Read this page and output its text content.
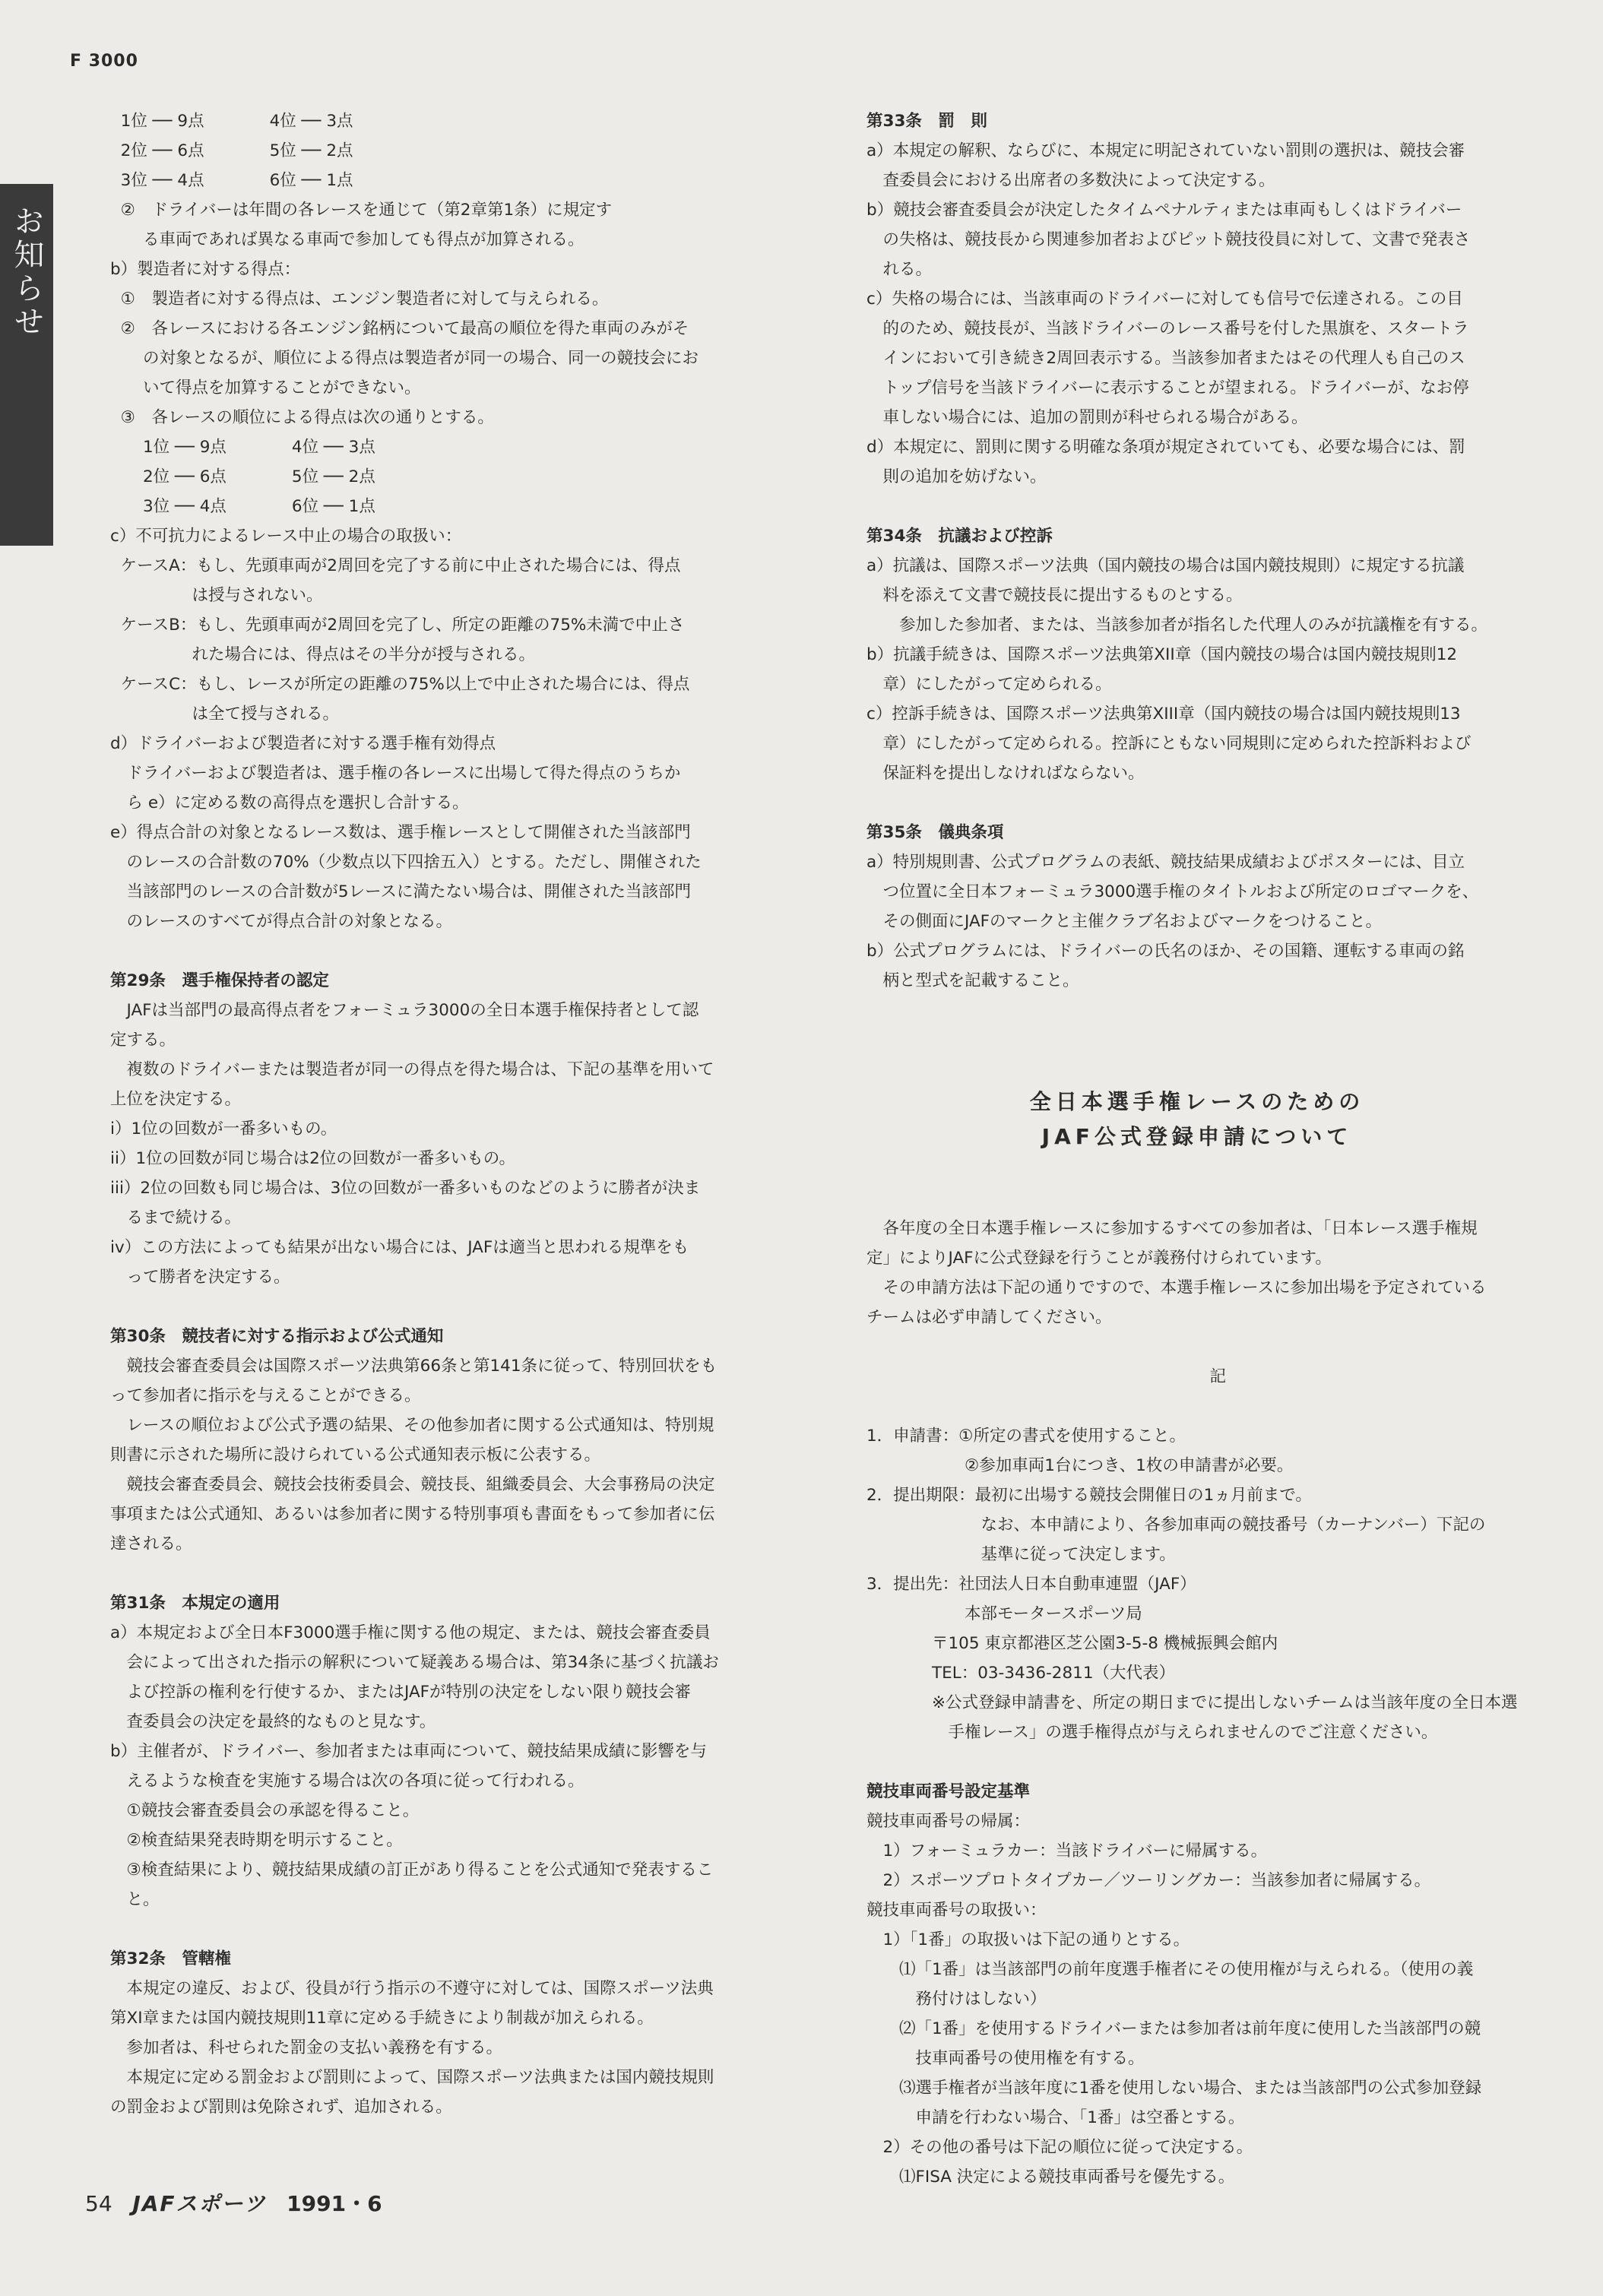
F 3000
お知らせ

1位 ── 9点　　　　4位 ── 3点

2位 ── 6点　　　　5位 ── 2点

3位 ── 4点　　　　6位 ── 1点

②　ドライバーは年間の各レースを通じて（第2章第1条）に規定す

　　る車両であれば異なる車両で参加しても得点が加算される。

b）製造者に対する得点：

①　製造者に対する得点は、エンジン製造者に対して与えられる。

②　各レースにおける各エンジン銘柄について最高の順位を得た車両のみがそ

　　の対象となるが、順位による得点は製造者が同一の場合、同一の競技会にお

　　いて得点を加算することができない。

③　各レースの順位による得点は次の通りとする。

　　1位 ── 9点　　　　4位 ── 3点

　　2位 ── 6点　　　　5位 ── 2点

　　3位 ── 4点　　　　6位 ── 1点

c）不可抗力によるレース中止の場合の取扱い：

ケースA：もし、先頭車両が2周回を完了する前に中止された場合には、得点

　　　　　は授与されない。

ケースB：もし、先頭車両が2周回を完了し、所定の距離の75%未満で中止さ

　　　　　れた場合には、得点はその半分が授与される。

ケースC：もし、レースが所定の距離の75%以上で中止された場合には、得点

　　　　　は全て授与される。

d）ドライバーおよび製造者に対する選手権有効得点

　ドライバーおよび製造者は、選手権の各レースに出場して得た得点のうちか

　ら e）に定める数の高得点を選択し合計する。

e）得点合計の対象となるレース数は、選手権レースとして開催された当該部門

　のレースの合計数の70%（少数点以下四捨五入）とする。ただし、開催された

　当該部門のレースの合計数が5レースに満たない場合は、開催された当該部門

　のレースのすべてが得点合計の対象となる。

第29条　選手権保持者の認定

　JAFは当部門の最高得点者をフォーミュラ3000の全日本選手権保持者として認

定する。

　複数のドライバーまたは製造者が同一の得点を得た場合は、下記の基準を用いて

上位を決定する。

i）1位の回数が一番多いもの。

ii）1位の回数が同じ場合は2位の回数が一番多いもの。

iii）2位の回数も同じ場合は、3位の回数が一番多いものなどのように勝者が決ま

　るまで続ける。

iv）この方法によっても結果が出ない場合には、JAFは適当と思われる規準をも

　って勝者を決定する。

第30条　競技者に対する指示および公式通知

　競技会審査委員会は国際スポーツ法典第66条と第141条に従って、特別回状をも

って参加者に指示を与えることができる。

　レースの順位および公式予選の結果、その他参加者に関する公式通知は、特別規

則書に示された場所に設けられている公式通知表示板に公表する。

　競技会審査委員会、競技会技術委員会、競技長、組織委員会、大会事務局の決定

事項または公式通知、あるいは参加者に関する特別事項も書面をもって参加者に伝

達される。

第31条　本規定の適用

a）本規定および全日本F3000選手権に関する他の規定、または、競技会審査委員

　会によって出された指示の解釈について疑義ある場合は、第34条に基づく抗議お

　よび控訴の権利を行使するか、またはJAFが特別の決定をしない限り競技会審

　査委員会の決定を最終的なものと見なす。

b）主催者が、ドライバー、参加者または車両について、競技結果成績に影響を与

　えるような検査を実施する場合は次の各項に従って行われる。

　①競技会審査委員会の承認を得ること。

　②検査結果発表時期を明示すること。

　③検査結果により、競技結果成績の訂正があり得ることを公式通知で発表するこ

　と。

第32条　管轄権

　本規定の違反、および、役員が行う指示の不遵守に対しては、国際スポーツ法典

第XI章または国内競技規則11章に定める手続きにより制裁が加えられる。

　参加者は、科せられた罰金の支払い義務を有する。

　本規定に定める罰金および罰則によって、国際スポーツ法典または国内競技規則

の罰金および罰則は免除されず、追加される。

第33条　罰　則

a）本規定の解釈、ならびに、本規定に明記されていない罰則の選択は、競技会審

　査委員会における出席者の多数決によって決定する。

b）競技会審査委員会が決定したタイムペナルティまたは車両もしくはドライバー

　の失格は、競技長から関連参加者およびピット競技役員に対して、文書で発表さ

　れる。

c）失格の場合には、当該車両のドライバーに対しても信号で伝達される。この目

　的のため、競技長が、当該ドライバーのレース番号を付した黒旗を、スタートラ

　インにおいて引き続き2周回表示する。当該参加者またはその代理人も自己のス

　トップ信号を当該ドライバーに表示することが望まれる。ドライバーが、なお停

　車しない場合には、追加の罰則が科せられる場合がある。

d）本規定に、罰則に関する明確な条項が規定されていても、必要な場合には、罰

　則の追加を妨げない。

第34条　抗議および控訴

a）抗議は、国際スポーツ法典（国内競技の場合は国内競技規則）に規定する抗議

　料を添えて文書で競技長に提出するものとする。

　　参加した参加者、または、当該参加者が指名した代理人のみが抗議権を有する。

b）抗議手続きは、国際スポーツ法典第XII章（国内競技の場合は国内競技規則12

　章）にしたがって定められる。

c）控訴手続きは、国際スポーツ法典第XIII章（国内競技の場合は国内競技規則13

　章）にしたがって定められる。控訴にともない同規則に定められた控訴料および

　保証料を提出しなければならない。

第35条　儀典条項

a）特別規則書、公式プログラムの表紙、競技結果成績およびポスターには、目立

　つ位置に全日本フォーミュラ3000選手権のタイトルおよび所定のロゴマークを、

　その側面にJAFのマークと主催クラブ名およびマークをつけること。

b）公式プログラムには、ドライバーの氏名のほか、その国籍、運転する車両の銘

　柄と型式を記載すること。

全日本選手権レースのための

JAF公式登録申請について

　各年度の全日本選手権レースに参加するすべての参加者は、「日本レース選手権規

定」によりJAFに公式登録を行うことが義務付けられています。

　その申請方法は下記の通りですので、本選手権レースに参加出場を予定されている

チームは必ず申請してください。

　　　　　　　　　　　　　　　　　　　　　記

1．申請書：①所定の書式を使用すること。

　　　　　　②参加車両1台につき、1枚の申請書が必要。

2．提出期限：最初に出場する競技会開催日の1ヵ月前まで。

　　　　　　　なお、本申請により、各参加車両の競技番号（カーナンバー）下記の

　　　　　　　基準に従って決定します。

3．提出先：社団法人日本自動車連盟（JAF）

　　　　　　本部モータースポーツ局

　　　　〒105 東京都港区芝公園3-5-8 機械振興会館内

　　　　TEL：03-3436-2811（大代表）

　　　　※公式登録申請書を、所定の期日までに提出しないチームは当該年度の全日本選

　　　　　手権レース」の選手権得点が与えられませんのでご注意ください。

競技車両番号設定基準

競技車両番号の帰属：

　1）フォーミュラカー：当該ドライバーに帰属する。

　2）スポーツプロトタイプカー／ツーリングカー：当該参加者に帰属する。

競技車両番号の取扱い：

　1）「1番」の取扱いは下記の通りとする。

　　⑴「1番」は当該部門の前年度選手権者にその使用権が与えられる。（使用の義

　　　務付けはしない）

　　⑵「1番」を使用するドライバーまたは参加者は前年度に使用した当該部門の競

　　　技車両番号の使用権を有する。

　　⑶選手権者が当該年度に1番を使用しない場合、または当該部門の公式参加登録

　　　申請を行わない場合、「1番」は空番とする。

　2）その他の番号は下記の順位に従って決定する。

　　⑴FISA 決定による競技車両番号を優先する。

54 JAFスポーツ 1991・6
